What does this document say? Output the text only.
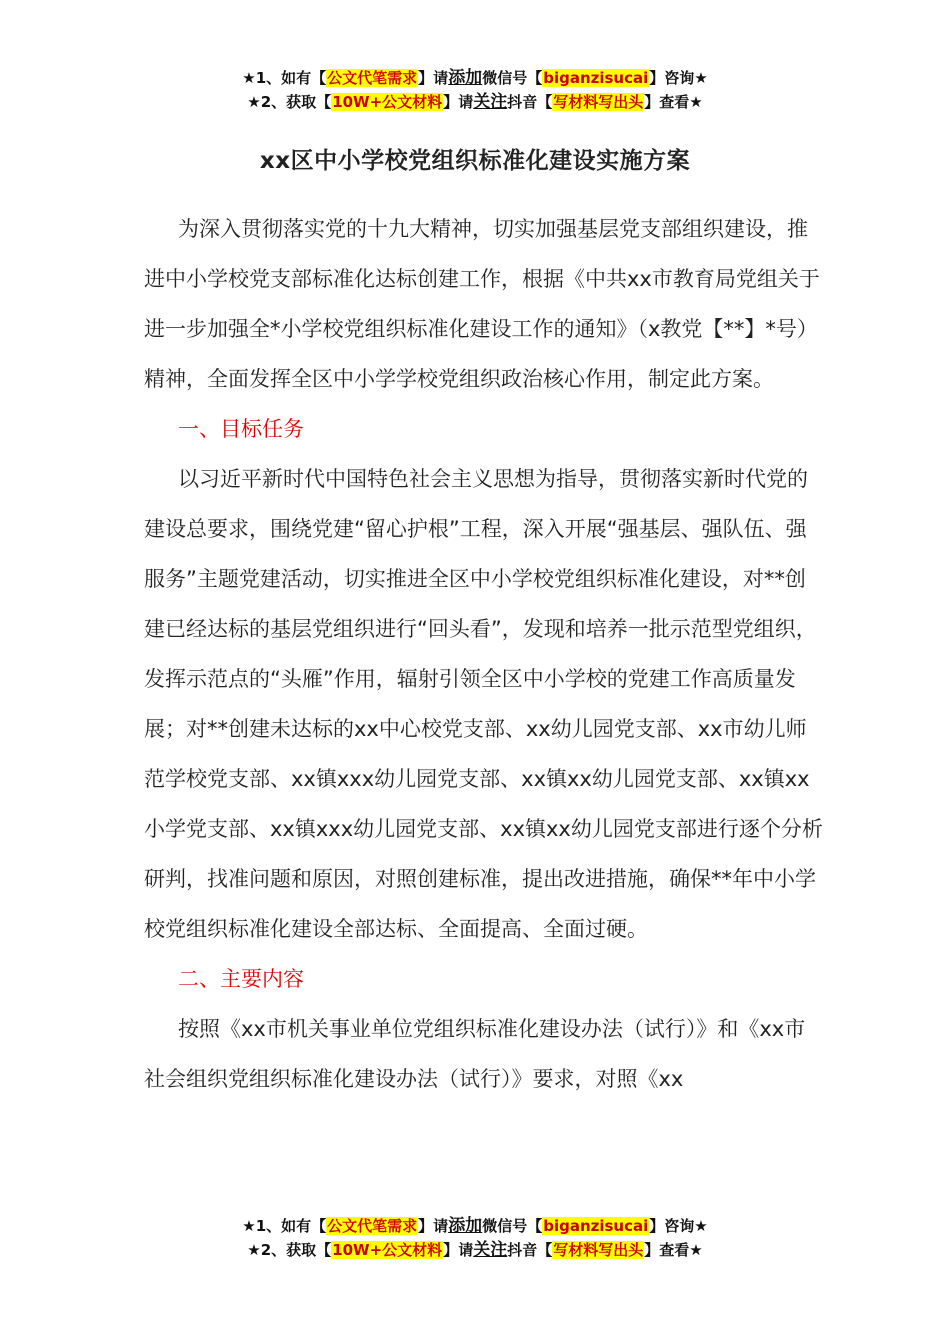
★1、如有【公文代笔需求】请添加微信号【biganzisucai】咨询★
★2、获取【10W+公文材料】请关注抖音【写材料写出头】查看★
xx区中小学校党组织标准化建设实施方案

为深入贯彻落实党的十九大精神，切实加强基层党支部组织建设，推进中小学校党支部标准化达标创建工作，根据《中共xx市教育局党组关于进一步加强全*小学校党组织标准化建设工作的通知》（x教党【**】*号）精神，全面发挥全区中小学学校党组织政治核心作用，制定此方案。

一、目标任务

以习近平新时代中国特色社会主义思想为指导，贯彻落实新时代党的建设总要求，围绕党建“留心护根”工程，深入开展“强基层、强队伍、强服务”主题党建活动，切实推进全区中小学校党组织标准化建设，对**创建已经达标的基层党组织进行“回头看”，发现和培养一批示范型党组织，发挥示范点的“头雁”作用，辐射引领全区中小学校的党建工作高质量发展；对**创建未达标的xx中心校党支部、xx幼儿园党支部、xx市幼儿师范学校党支部、xx镇xxx幼儿园党支部、xx镇xx幼儿园党支部、xx镇xx小学党支部、xx镇xxx幼儿园党支部、xx镇xx幼儿园党支部进行逐个分析研判，找准问题和原因，对照创建标准，提出改进措施，确保**年中小学校党组织标准化建设全部达标、全面提高、全面过硬。

二、主要内容

按照《xx市机关事业单位党组织标准化建设办法（试行）》和《xx市社会组织党组织标准化建设办法（试行）》要求，对照《xx

★1、如有【公文代笔需求】请添加微信号【biganzisucai】咨询★
★2、获取【10W+公文材料】请关注抖音【写材料写出头】查看★
